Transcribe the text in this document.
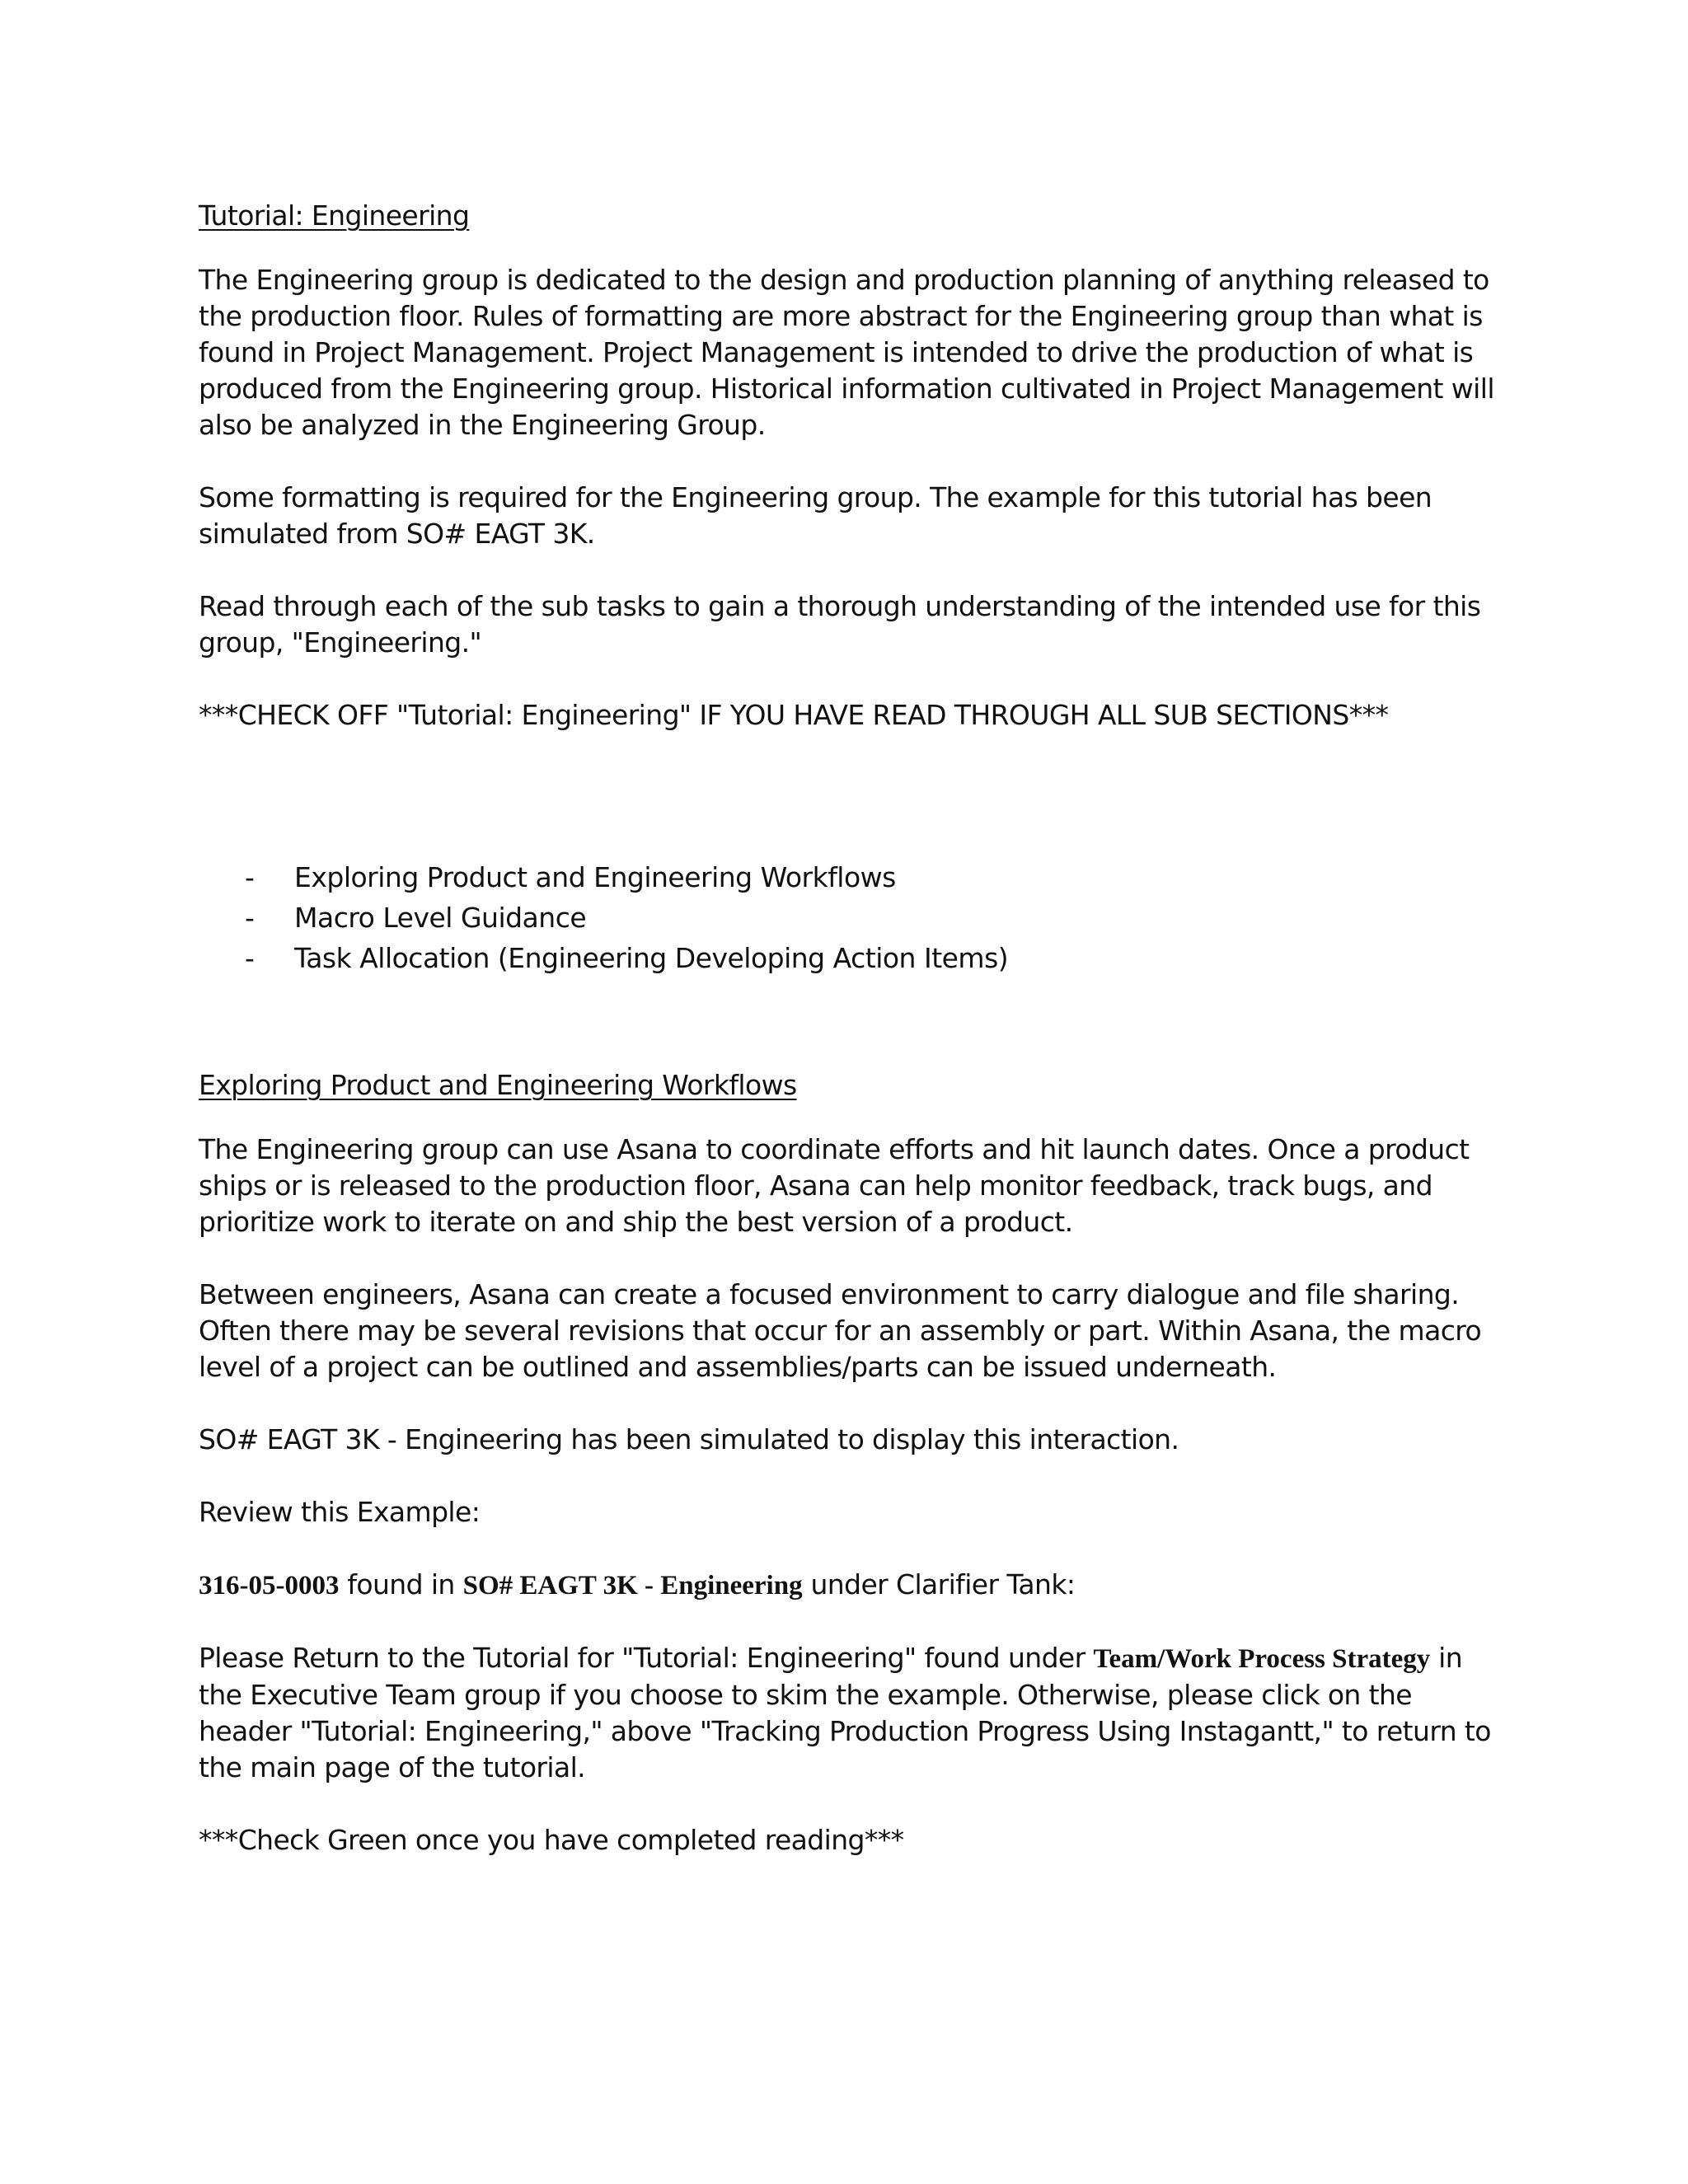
Tutorial: Engineering

The Engineering group is dedicated to the design and production planning of anything released to the production floor. Rules of formatting are more abstract for the Engineering group than what is found in Project Management. Project Management is intended to drive the production of what is produced from the Engineering group. Historical information cultivated in Project Management will also be analyzed in the Engineering Group.

Some formatting is required for the Engineering group. The example for this tutorial has been simulated from SO# EAGT 3K.

Read through each of the sub tasks to gain a thorough understanding of the intended use for this group, "Engineering."

***CHECK OFF "Tutorial: Engineering" IF YOU HAVE READ THROUGH ALL SUB SECTIONS***

-	Exploring Product and Engineering Workflows
-	Macro Level Guidance
-	Task Allocation (Engineering Developing Action Items)

Exploring Product and Engineering Workflows

The Engineering group can use Asana to coordinate efforts and hit launch dates. Once a product ships or is released to the production floor, Asana can help monitor feedback, track bugs, and prioritize work to iterate on and ship the best version of a product.

Between engineers, Asana can create a focused environment to carry dialogue and file sharing. Often there may be several revisions that occur for an assembly or part. Within Asana, the macro level of a project can be outlined and assemblies/parts can be issued underneath.

SO# EAGT 3K - Engineering has been simulated to display this interaction.

Review this Example:

316-05-0003 found in SO# EAGT 3K - Engineering under Clarifier Tank:

Please Return to the Tutorial for "Tutorial: Engineering" found under Team/Work Process Strategy in the Executive Team group if you choose to skim the example. Otherwise, please click on the header "Tutorial: Engineering," above "Tracking Production Progress Using Instagantt," to return to the main page of the tutorial.

***Check Green once you have completed reading***
